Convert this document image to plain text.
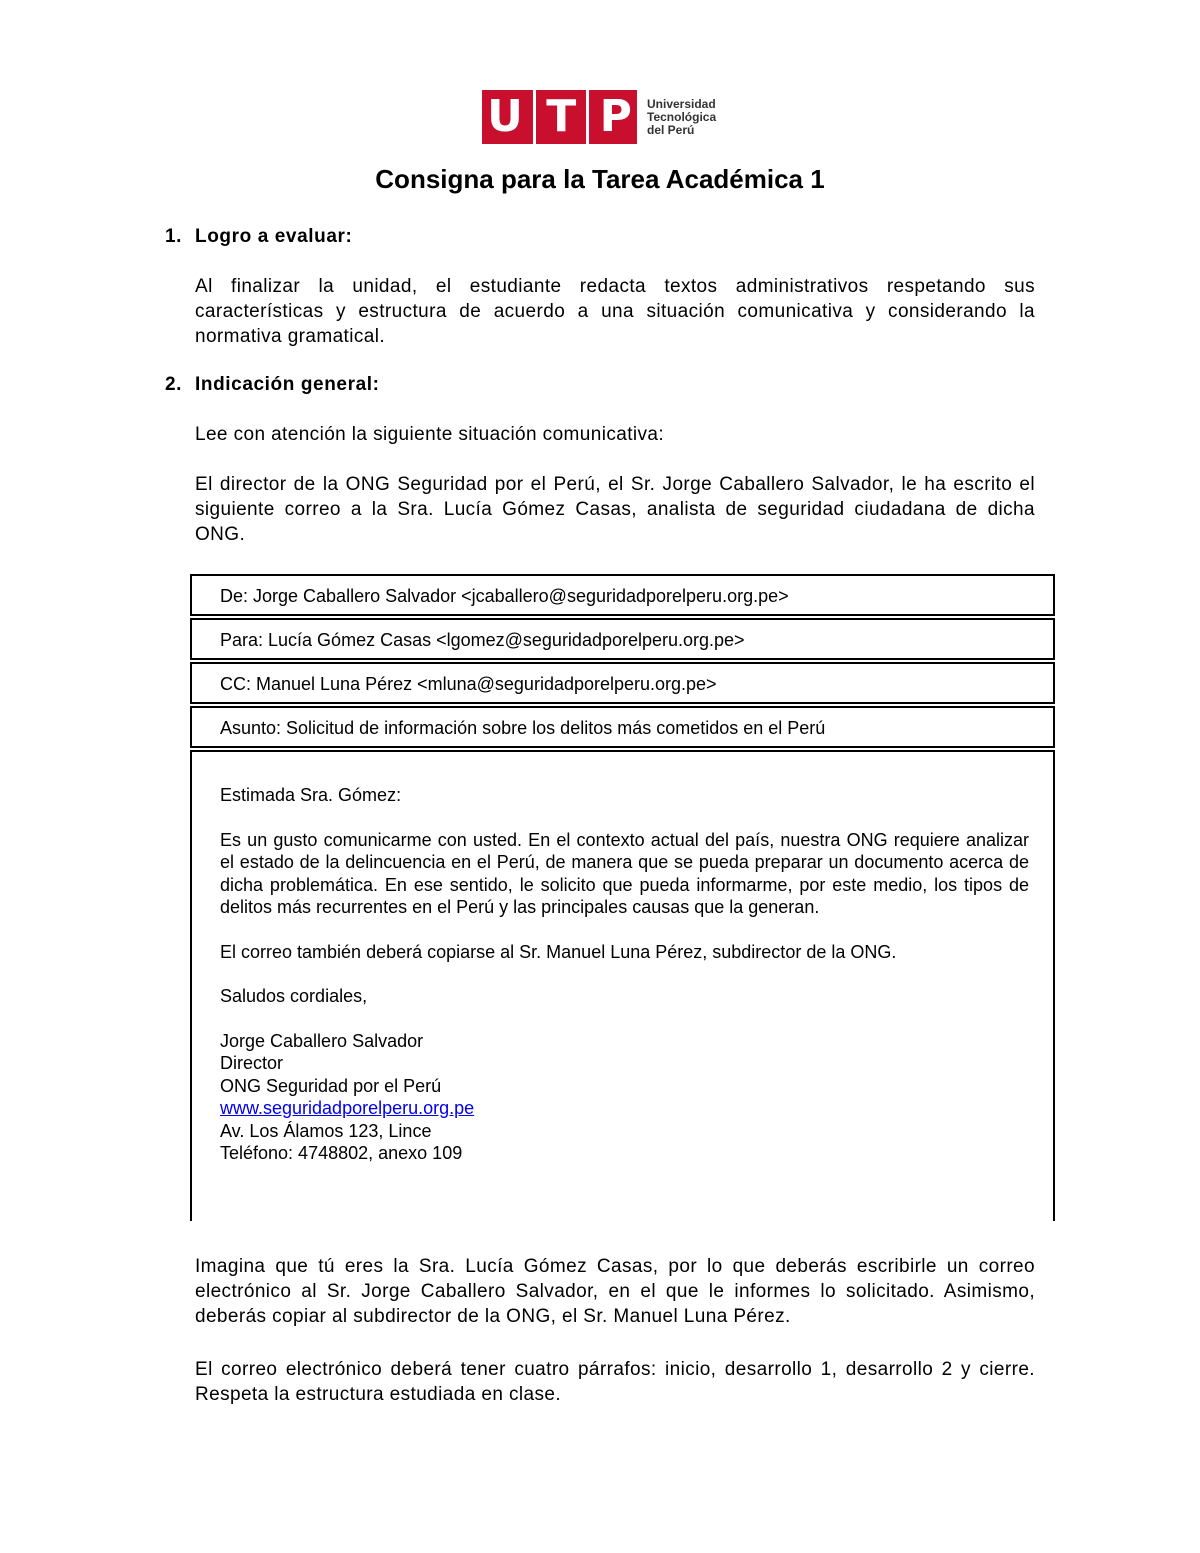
U T P Universidad
Tecnológica
del Perú
Consigna para la Tarea Académica 1
1. Logro a evaluar:

Al finalizar la unidad, el estudiante redacta textos administrativos respetando sus características y estructura de acuerdo a una situación comunicativa y considerando la normativa gramatical.

2. Indicación general:

Lee con atención la siguiente situación comunicativa:

El director de la ONG Seguridad por el Perú, el Sr. Jorge Caballero Salvador, le ha escrito el siguiente correo a la Sra. Lucía Gómez Casas, analista de seguridad ciudadana de dicha ONG.

De: Jorge Caballero Salvador <jcaballero@seguridadporelperu.org.pe>
Para: Lucía Gómez Casas <lgomez@seguridadporelperu.org.pe>
CC: Manuel Luna Pérez <mluna@seguridadporelperu.org.pe>
Asunto: Solicitud de información sobre los delitos más cometidos en el Perú

Estimada Sra. Gómez:

Es un gusto comunicarme con usted. En el contexto actual del país, nuestra ONG requiere analizar el estado de la delincuencia en el Perú, de manera que se pueda preparar un documento acerca de dicha problemática. En ese sentido, le solicito que pueda informarme, por este medio, los tipos de delitos más recurrentes en el Perú y las principales causas que la generan.

El correo también deberá copiarse al Sr. Manuel Luna Pérez, subdirector de la ONG.

Saludos cordiales,

Jorge Caballero Salvador
Director
ONG Seguridad por el Perú
www.seguridadporelperu.org.pe
Av. Los Álamos 123, Lince
Teléfono: 4748802, anexo 109

Imagina que tú eres la Sra. Lucía Gómez Casas, por lo que deberás escribirle un correo electrónico al Sr. Jorge Caballero Salvador, en el que le informes lo solicitado. Asimismo, deberás copiar al subdirector de la ONG, el Sr. Manuel Luna Pérez.

El correo electrónico deberá tener cuatro párrafos: inicio, desarrollo 1, desarrollo 2 y cierre. Respeta la estructura estudiada en clase.
